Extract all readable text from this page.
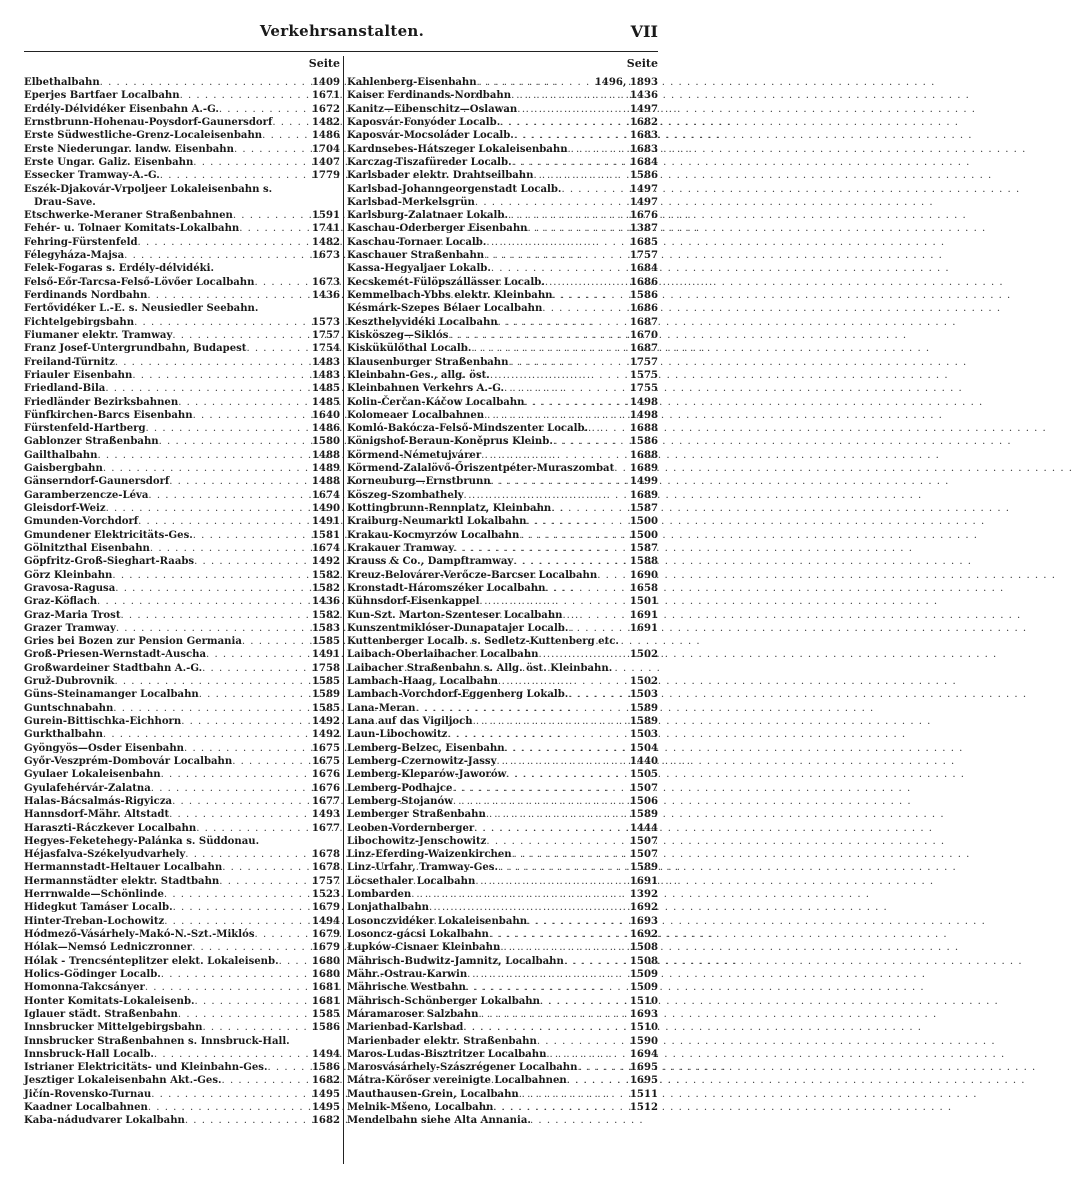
Verkehrsanstalten.	VII
Seite
Elbethalbahn . . .	1409
Eperjes Bartfaer Localbahn . . .	1671
Erdély-Délvidéker Eisenbahn A.-G. . . .	1672
Ernstbrunn-Hohenau-Poysdorf-Gaunersdorf . . .	1482
Erste Südwestliche-Grenz-Localeisenbahn . . .	1486
Erste Niederungar. landw. Eisenbahn . . .	1704
Erste Ungar. Galiz. Eisenbahn . . .	1407
Essecker Tramway-A.-G. . . .	1779
Eszék-Djakovár-Vrpoljeer Lokaleisenbahn s.
Drau-Save.
Etschwerke-Meraner Straßenbahnen . . .	1591
Fehér- u. Tolnaer Komitats-Lokalbahn . . .	1741
Fehring-Fürstenfeld . . .	1482
Félegyháza-Majsa . . .	1673
Felek-Fogaras s. Erdély-délvidéki.
Felső-Eőr-Tarcsa-Felső-Lövőer Localbahn . . .	1673
Ferdinands Nordbahn . . .	1436
Fertővidéker L.-E. s. Neusiedler Seebahn.
Fichtelgebirgsbahn . . .	1573
Fiumaner elektr. Tramway . . .	1757
Franz Josef-Untergrundbahn, Budapest . . .	1754
Freiland-Türnitz . . .	1483
Friauler Eisenbahn . . .	1483
Friedland-Bila . . .	1485
Friedländer Bezirksbahnen . . .	1485
Fünfkirchen-Barcs Eisenbahn . . .	1640
Fürstenfeld-Hartberg . . .	1486
Gablonzer Straßenbahn . . .	1580
Gailthalbahn . . .	1488
Gaisbergbahn . . .	1489
Gänserndorf-Gaunersdorf . . .	1488
Garamberzencze-Léva . . .	1674
Gleisdorf-Weiz . . .	1490
Gmunden-Vorchdorf . . .	1491
Gmundener Elektricitäts-Ges. . . .	1581
Gölnitzthal Eisenbahn . . .	1674
Göpfritz-Groß-Sieghart-Raabs . . .	1492
Görz Kleinbahn . . .	1582
Gravosa-Ragusa . . .	1582
Graz-Köflach . . .	1436
Graz-Maria Trost . . .	1582
Grazer Tramway . . .	1583
Gries bei Bozen zur Pension Germania . . .	1585
Groß-Priesen-Wernstadt-Auscha . . .	1491
Großwardeiner Stadtbahn A.-G. . . .	1758
Gruž-Dubrovnik . . .	1585
Güns-Steinamanger Localbahn . . .	1589
Guntschnabahn . . .	1585
Gurein-Bittischka-Eichhorn . . .	1492
Gurkthalbahn . . .	1492
Gyöngyös—Osder Eisenbahn . . .	1675
Győr-Veszprém-Dombovár Localbahn . . .	1675
Gyulaer Lokaleisenbahn . . .	1676
Gyulafehérvár-Zalatna . . .	1676
Halas-Bácsalmás-Rigyicza . . .	1677
Hannsdorf-Mähr. Altstadt . . .	1493
Haraszti-Ráczkever Localbahn . . .	1677
Hegyes-Feketehegy-Palánka s. Süddonau.
Héjasfalva-Székelyudvarhely . . .	1678
Hermannstadt-Heltauer Localbahn . . .	1678
Hermannstädter elektr. Stadtbahn . . .	1757
Herrnwalde—Schönlinde . . .	1523
Hidegkut Tamáser Localb. . . .	1679
Hinter-Treban-Lochowitz . . .	1494
Hódmező-Vásárhely-Makó-N.-Szt.-Miklós . . .	1679
Hólak—Nemsó Ledniczronner . . .	1679
Hólak - Trencsénteplitzer elekt. Lokaleisenb. . . .	1680
Holics-Gödinger Localb. . . .	1680
Homonna-Takcsányer . . .	1681
Honter Komitats-Lokaleisenb. . . .	1681
Iglauer städt. Straßenbahn . . .	1585
Innsbrucker Mittelgebirgsbahn . . .	1586
Innsbrucker Straßenbahnen s. Innsbruck-Hall.
Innsbruck-Hall Localb. . . .	1494
Istrianer Elektricitäts- und Kleinbahn-Ges. . . .	1586
Jesztiger Lokaleisenbahn Akt.-Ges. . . .	1682
Jičín-Rovensko-Turnau . . .	1495
Kaadner Localbahnen . . .	1495
Kaba-nádudvarer Lokalbahn . . .	1682
Seite
Kahlenberg-Eisenbahn . . .	1496, 1893
Kaiser Ferdinands-Nordbahn . . .	1436
Kanitz—Eibenschitz—Oslawan . . .	1497
Kaposvár-Fonyóder Localb. . . .	1682
Kaposvár-Mocsoláder Localb. . . .	1683
Kardnsebes-Hátszeger Lokaleisenbahn . . .	1683
Karczag-Tiszafüreder Localb. . . .	1684
Karlsbader elektr. Drahtseilbahn . . .	1586
Karlsbad-Johanngeorgenstadt Localb. . . .	1497
Karlsbad-Merkelsgrün . . .	1497
Karlsburg-Zalatnaer Lokalb. . . .	1676
Kaschau-Oderberger Eisenbahn . . .	1387
Kaschau-Tornaer Localb. . . .	1685
Kaschauer Straßenbahn . . .	1757
Kassa-Hegyaljaer Lokalb. . . .	1684
Kecskemét-Fülöpszállässer Localb. . . .	1686
Kemmelbach-Ybbs elektr. Kleinbahn . . .	1586
Késmárk-Szepes Bélaer Localbahn . . .	1686
Keszthelyvidéki Localbahn . . .	1687
Kisköszeg—Siklós . . .	1670
Kiskükülőthal Localb. . . .	1687
Klausenburger Straßenbahn . . .	1757
Kleinbahn-Ges., allg. öst. . . .	1575
Kleinbahnen Verkehrs A.-G. . . .	1755
Kolin-Čerčan-Káčow Localbahn . . .	1498
Kolomeaer Localbahnen . . .	1498
Komló-Bakócza-Felső-Mindszenter Localb. . . .	1688
Königshof-Beraun-Koněprus Kleinb. . . .	1586
Körmend-Németujvárer . . .	1688
Körmend-Zalalövő-Őriszentpéter-Muraszombat . . . 1689
Korneuburg—Ernstbrunn . . .	1499
Köszeg-Szombathely . . .	1689
Kottingbrunn-Rennplatz, Kleinbahn . . .	1587
Kraiburg-Neumarktl Lokalbahn . . .	1500
Krakau-Kocmyrzów Localbahn . . .	1500
Krakauer Tramway . . .	1587
Krauss & Co., Dampftramway . . .	1588
Kreuz-Belovárer-Verőcze-Barcser Localbahn . . .	1690
Kronstadt-Háromszéker Localbahn . . .	1658
Kühnsdorf-Eisenkappel . . .	1501
Kun-Szt. Marton-Szenteser Localbahn . . .	1691
Kunszentmiklóser-Dunapatajer Localb. . . .	1691
Kuttenberger Localb. s. Sedletz-Kuttenberg etc.
Laibach-Oberlaibacher Localbahn . . .	1502
Laibacher Straßenbahn s. Allg. öst. Kleinbahn.
Lambach-Haag, Localbahn . . .	1502
Lambach-Vorchdorf-Eggenberg Lokalb. . . .	1503
Lana-Meran . . .	1589
Lana auf das Vigiljoch . . .	1589
Laun-Libochowitz . . .	1503
Lemberg-Belzec, Eisenbahn . . .	1504
Lemberg-Czernowitz-Jassy . . .	1440
Lemberg-Kleparów-Jaworów . . .	1505
Lemberg-Podhajce . . .	1507
Lemberg-Stojanów . . .	1506
Lemberger Straßenbahn . . .	1589
Leoben-Vordernberger . . .	1444
Libochowitz-Jenschowitz . . .	1507
Linz-Eferding-Waizenkirchen . . .	1507
Linz-Urfahr, Tramway-Ges. . . .	1589
Löcsethaler Localbahn . . .	1691
Lombarden . . .	1392
Lonjathalbahn . . .	1692
Losonczvidéker Lokaleisenbahn . . .	1693
Losoncz-gácsi Lokalbahn . . .	1692
Łupków-Cisnaer Kleinbahn . . .	1508
Mährisch-Budwitz-Jamnitz, Localbahn . . .	1508
Mähr.-Ostrau-Karwin . . .	1509
Mährische Westbahn . . .	1509
Mährisch-Schönberger Lokalbahn . . .	1510
Máramaroser Salzbahn . . .	1693
Marienbad-Karlsbad . . .	1510
Marienbader elektr. Straßenbahn . . .	1590
Maros-Ludas-Bisztritzer Localbahn . . .	1694
Marosvásárhely-Szászrégener Localbahn . . .	1695
Mátra-Körőser vereinigte Localbahnen . . .	1695
Mauthausen-Grein, Localbahn . . .	1511
Melnik-Mšeno, Localbahn . . .	1512
Mendelbahn siehe Alta Annania.
